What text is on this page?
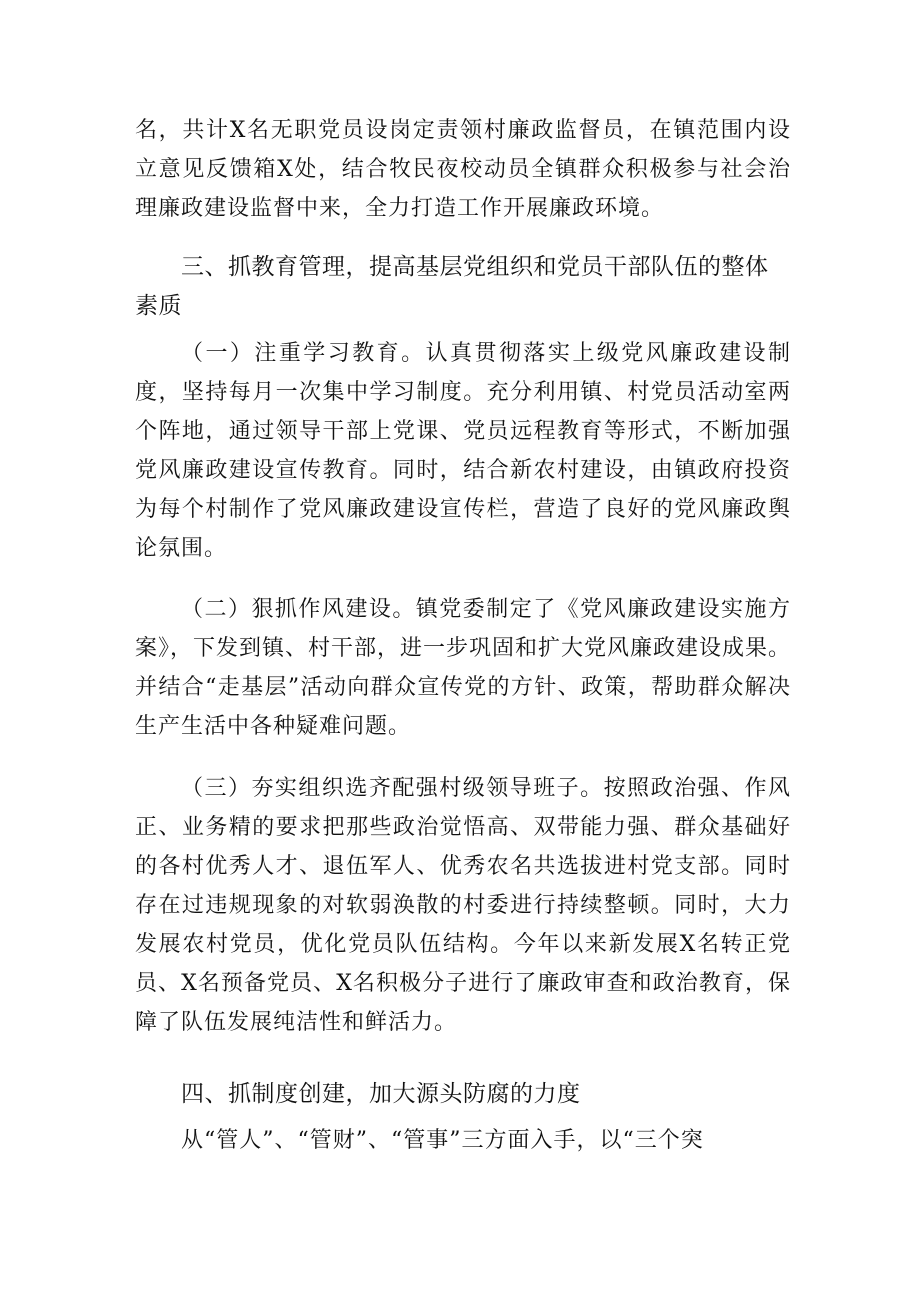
名，共计X名无职党员设岗定责领村廉政监督员，在镇范围内设立意见反馈箱X处，结合牧民夜校动员全镇群众积极参与社会治理廉政建设监督中来，全力打造工作开展廉政环境。

三、抓教育管理，提高基层党组织和党员干部队伍的整体素质

（一）注重学习教育。认真贯彻落实上级党风廉政建设制度，坚持每月一次集中学习制度。充分利用镇、村党员活动室两个阵地，通过领导干部上党课、党员远程教育等形式，不断加强党风廉政建设宣传教育。同时，结合新农村建设，由镇政府投资为每个村制作了党风廉政建设宣传栏，营造了良好的党风廉政舆论氛围。

（二）狠抓作风建设。镇党委制定了《党风廉政建设实施方案》，下发到镇、村干部，进一步巩固和扩大党风廉政建设成果。并结合“走基层”活动向群众宣传党的方针、政策，帮助群众解决生产生活中各种疑难问题。

（三）夯实组织选齐配强村级领导班子。按照政治强、作风正、业务精的要求把那些政治觉悟高、双带能力强、群众基础好的各村优秀人才、退伍军人、优秀农名共选拔进村党支部。同时存在过违规现象的对软弱涣散的村委进行持续整顿。同时，大力发展农村党员，优化党员队伍结构。今年以来新发展X名转正党员、X名预备党员、X名积极分子进行了廉政审查和政治教育，保障了队伍发展纯洁性和鲜活力。

四、抓制度创建，加大源头防腐的力度

从“管人”、“管财”、“管事”三方面入手，以“三个突
